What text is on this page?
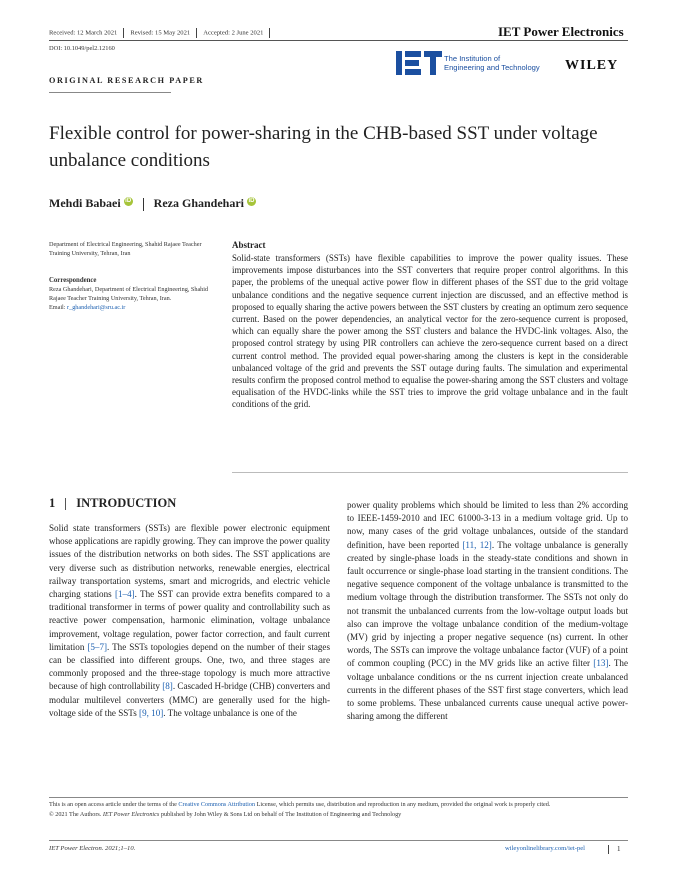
Received: 12 March 2021 Revised: 15 May 2021 Accepted: 2 June 2021	IET Power Electronics
DOI: 10.1049/pel2.12160
The Institution of
Engineering and Technology WILEY
ORIGINAL RESEARCH PAPER
Flexible control for power-sharing in the CHB-based SST under voltage unbalance conditions
Mehdi Babaei iD Reza Ghandehari iD
Department of Electrical Engineering, Shahid Rajaee Teacher Training University, Tehran, Iran
Correspondence
Reza Ghandehari, Department of Electrical Engineering, Shahid Rajaee Teacher Training University, Tehran, Iran.
Email: r_ghandehari@sru.ac.ir
Abstract
Solid-state transformers (SSTs) have flexible capabilities to improve the power quality issues. These improvements impose disturbances into the SST converters that require proper control algorithms. In this paper, the problems of the unequal active power flow in different phases of the SST due to the grid voltage unbalance conditions and the negative sequence current injection are discussed, and an effective method is proposed to equally sharing the active powers between the SST clusters by creating an optimum zero sequence current. Based on the power dependencies, an analytical vector for the zero-sequence current is proposed, which can equally share the power among the SST clusters and balance the HVDC-link voltages. Also, the proposed control strategy by using PIR controllers can achieve the zero-sequence current based on a direct current control method. The provided equal power-sharing among the clusters is kept in the considerable unbalanced voltage of the grid and prevents the SST outage during faults. The simulation and experimental results confirm the proposed control method to equalise the power-sharing among the SST clusters and voltage equalisation of the HVDC-links while the SST tries to improve the grid voltage unbalance and in the fault conditions of the grid.
1 INTRODUCTION
Solid state transformers (SSTs) are flexible power electronic equipment whose applications are rapidly growing. They can improve the power quality issues of the distribution networks on both sides. The SST applications are very diverse such as distribution networks, renewable energies, electrical railway transportation systems, smart and microgrids, and electric vehicle charging stations [1–4]. The SST can provide extra benefits compared to a traditional transformer in terms of power quality and controllability such as reactive power compensation, harmonic elimination, voltage unbalance improvement, voltage regulation, power factor correction, and fault current limitation [5–7]. The SSTs topologies depend on the number of their stages can be classified into different groups. One, two, and three stages are commonly proposed and the three-stage topology is much more attractive because of high controllability [8]. Cascaded H-bridge (CHB) converters and modular multilevel converters (MMC) are generally used for the high-voltage side of the SSTs [9, 10]. The voltage unbalance is one of the
power quality problems which should be limited to less than 2% according to IEEE-1459-2010 and IEC 61000-3-13 in a medium voltage grid. Up to now, many cases of the grid voltage unbalances, outside of the standard definition, have been reported [11, 12]. The voltage unbalance is generally created by single-phase loads in the steady-state conditions and shown in fault occurrence or single-phase load starting in the transient conditions. The negative sequence component of the voltage unbalance is transmitted to the medium voltage through the distribution transformer. The SSTs not only do not transmit the unbalanced currents from the low-voltage output loads but also can improve the voltage unbalance condition of the medium-voltage (MV) grid by injecting a proper negative sequence (ns) current. In other words, The SSTs can improve the voltage unbalance factor (VUF) of a point of common coupling (PCC) in the MV grids like an active filter [13]. The voltage unbalance conditions or the ns current injection create unbalanced currents in the different phases of the SST first stage converters, which lead to some problems. These unbalanced currents cause unequal active power-sharing among the different
This is an open access article under the terms of the Creative Commons Attribution License, which permits use, distribution and reproduction in any medium, provided the original work is properly cited.
© 2021 The Authors. IET Power Electronics published by John Wiley & Sons Ltd on behalf of The Institution of Engineering and Technology
IET Power Electron. 2021;1–10.	wileyonlinelibrary.com/iet-pel	1
